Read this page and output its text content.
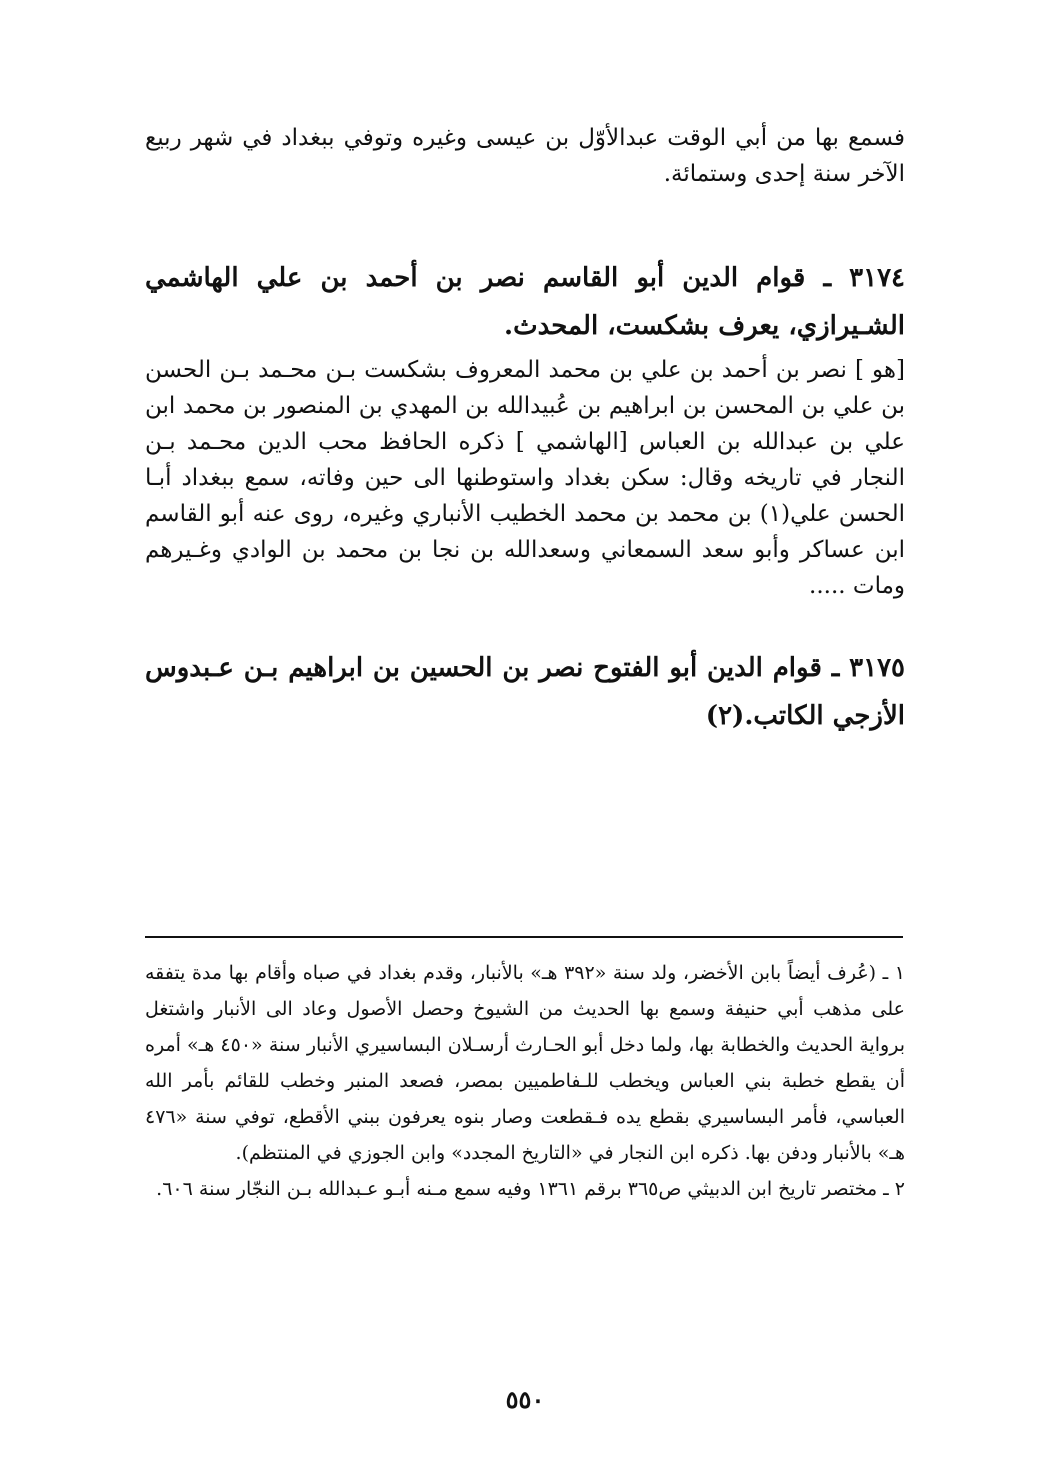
فسمع بها من أبي الوقت عبدالأوّل بن عيسى وغيره وتوفي ببغداد في شهر ربيع الآخر سنة إحدى وستمائة.

٣١٧٤ ـ قوام الدين أبو القاسم نصر بن أحمد بن علي الهاشمي الشـيرازي، يعرف بشكست، المحدث.

[هو ] نصر بن أحمد بن علي بن محمد المعروف بشكست بـن محـمد بـن الحسن بن علي بن المحسن بن ابراهيم بن عُبيدالله بن المهدي بن المنصور بن محمد ابن علي بن عبدالله بن العباس [الهاشمي ] ذكره الحافظ محب الدين محـمد بـن النجار في تاريخه وقال: سكن بغداد واستوطنها الى حين وفاته، سمع ببغداد أبـا الحسن علي(١) بن محمد بن محمد الخطيب الأنباري وغيره، روى عنه أبو القاسم ابن عساكر وأبو سعد السمعاني وسعدالله بن نجا بن محمد بن الوادي وغـيرهم ومات .....

٣١٧٥ ـ قوام الدين أبو الفتوح نصر بن الحسين بن ابراهيم بـن عـبدوس الأزجي الكاتب.(٢)

١ ـ (عُرف أيضاً بابن الأخضر، ولد سنة «٣٩٢ هـ» بالأنبار، وقدم بغداد في صباه وأقام بها مدة يتفقه على مذهب أبي حنيفة وسمع بها الحديث من الشيوخ وحصل الأصول وعاد الى الأنبار واشتغل برواية الحديث والخطابة بها، ولما دخل أبو الحـارث أرسـلان البساسيري الأنبار سنة «٤٥٠ هـ» أمره أن يقطع خطبة بني العباس ويخطب للـفاطميين بمصر، فصعد المنبر وخطب للقائم بأمر الله العباسي، فأمر البساسيري بقطع يده فـقطعت وصار بنوه يعرفون ببني الأقطع، توفي سنة «٤٧٦ هـ» بالأنبار ودفن بها. ذكره ابن النجار في «التاريخ المجدد» وابن الجوزي في المنتظم).

٢ ـ مختصر تاريخ ابن الدبيثي ص٣٦٥ برقم ١٣٦١ وفيه سمع مـنه أبـو عـبدالله بـن النجّار سنة ٦٠٦.

٥٥٠
